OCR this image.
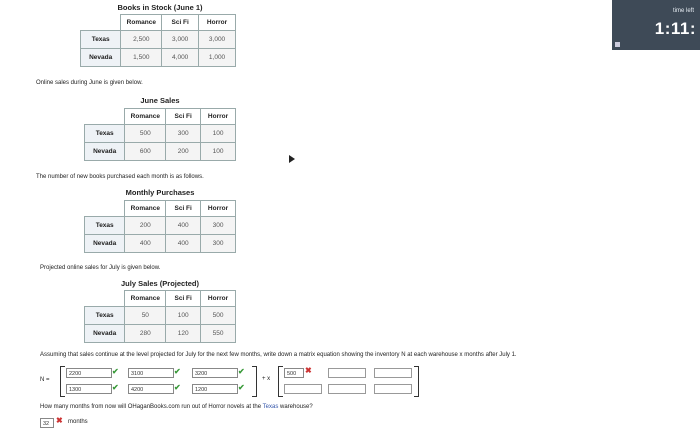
time left
1:11:
Books in Stock (June 1)
	Romance	Sci Fi	Horror
Texas	2,500	3,000	3,000
Nevada	1,500	4,000	1,000
Online sales during June is given below.
June Sales
	Romance	Sci Fi	Horror
Texas	500	300	100
Nevada	600	200	100
The number of new books purchased each month is as follows.
Monthly Purchases
	Romance	Sci Fi	Horror
Texas	200	400	300
Nevada	400	400	300
Projected online sales for July is given below.
July Sales (Projected)
	Romance	Sci Fi	Horror
Texas	50	100	500
Nevada	280	120	550
Assuming that sales continue at the level projected for July for the next few months, write down a matrix equation showing the inventory N at each warehouse x months after July 1.
N =
2200	✔	3100	✔	3200	✔
1300	✔	4200	✔	1200	✔
+ x
500	✖
How many months from now will OHaganBooks.com run out of Horror novels at the Texas warehouse?
32 ✖ months
